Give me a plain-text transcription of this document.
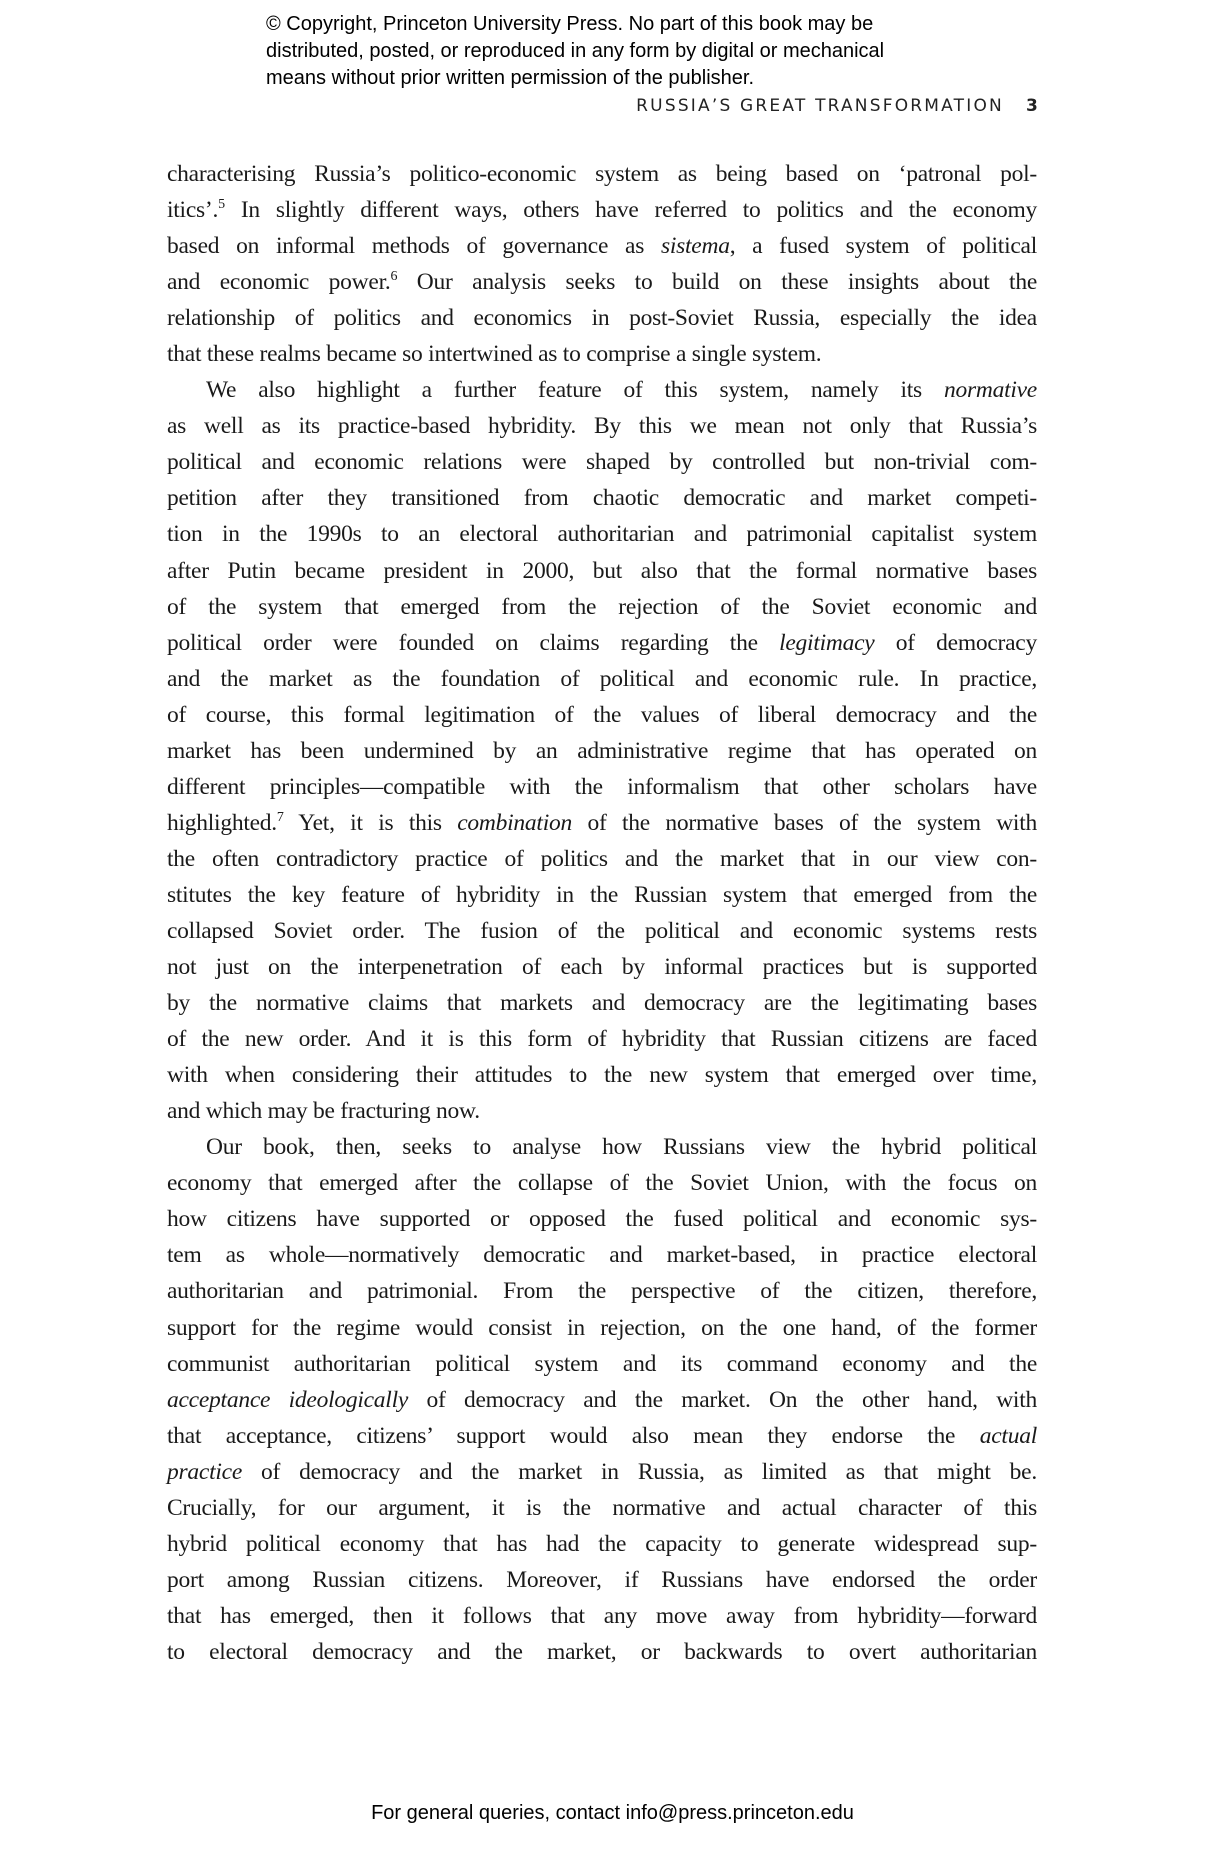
© Copyright, Princeton University Press. No part of this book may be
distributed, posted, or reproduced in any form by digital or mechanical
means without prior written permission of the publisher.
RUSSIA’S GREAT TRANSFORMATION 3
characterising Russia’s politico-economic system as being based on ‘patronal pol-
itics’.$^5$ In slightly different ways, others have referred to politics and the economy
based on informal methods of governance as sistema, a fused system of political
and economic power.$^6$ Our analysis seeks to build on these insights about the
relationship of politics and economics in post-Soviet Russia, especially the idea
that these realms became so intertwined as to comprise a single system.
We also highlight a further feature of this system, namely its normative
as well as its practice-based hybridity. By this we mean not only that Russia’s
political and economic relations were shaped by controlled but non-trivial com-
petition after they transitioned from chaotic democratic and market competi-
tion in the 1990s to an electoral authoritarian and patrimonial capitalist system
after Putin became president in 2000, but also that the formal normative bases
of the system that emerged from the rejection of the Soviet economic and
political order were founded on claims regarding the legitimacy of democracy
and the market as the foundation of political and economic rule. In practice,
of course, this formal legitimation of the values of liberal democracy and the
market has been undermined by an administrative regime that has operated on
different principles—compatible with the informalism that other scholars have
highlighted.$^7$ Yet, it is this combination of the normative bases of the system with
the often contradictory practice of politics and the market that in our view con-
stitutes the key feature of hybridity in the Russian system that emerged from the
collapsed Soviet order. The fusion of the political and economic systems rests
not just on the interpenetration of each by informal practices but is supported
by the normative claims that markets and democracy are the legitimating bases
of the new order. And it is this form of hybridity that Russian citizens are faced
with when considering their attitudes to the new system that emerged over time,
and which may be fracturing now.
Our book, then, seeks to analyse how Russians view the hybrid political
economy that emerged after the collapse of the Soviet Union, with the focus on
how citizens have supported or opposed the fused political and economic sys-
tem as whole—normatively democratic and market-based, in practice electoral
authoritarian and patrimonial. From the perspective of the citizen, therefore,
support for the regime would consist in rejection, on the one hand, of the former
communist authoritarian political system and its command economy and the
acceptance ideologically of democracy and the market. On the other hand, with
that acceptance, citizens’ support would also mean they endorse the actual
practice of democracy and the market in Russia, as limited as that might be.
Crucially, for our argument, it is the normative and actual character of this
hybrid political economy that has had the capacity to generate widespread sup-
port among Russian citizens. Moreover, if Russians have endorsed the order
that has emerged, then it follows that any move away from hybridity—forward
to electoral democracy and the market, or backwards to overt authoritarian
For general queries, contact info@press.princeton.edu
